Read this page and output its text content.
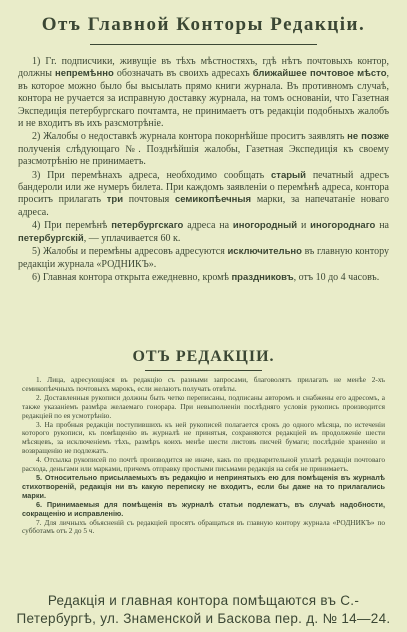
Отъ Главной Конторы Редакціи.

1) Гг. подписчики, живущіе въ тѣхъ мѣстностяхъ, гдѣ нѣтъ почтовыхъ контор, должны непремѣнно обозначать въ своихъ адресахъ ближайшее почтовое мѣсто, въ которое можно было бы высылать прямо книги журнала. Въ противномъ случаѣ, контора не ручается за исправную доставку журнала, на томъ основаніи, что Газетная Экспедиція петербургскаго почтамта, не принимаетъ отъ редакціи подобныхъ жалобъ и не входитъ въ ихъ разсмотрѣніе.

2) Жалобы о недоставкѣ журнала контора покорнѣйше проситъ заявлять не позже полученія слѣдующаго №. Позднѣйшія жалобы, Газетная Экспедиція къ своему разсмотрѣнію не принимаетъ.

3) При перемѣнахъ адреса, необходимо сообщать старый печатный адресъ бандероли или же нумеръ билета. При каждомъ заявленіи о перемѣнѣ адреса, контора проситъ прилагать три почтовыя семикопѣечныя марки, за напечатаніе новаго адреса.

4) При перемѣнѣ петербургскаго адреса на иногородный и иногороднаго на петербургскій, — уплачивается 60 к.

5) Жалобы и перемѣны адресовъ адресуются исключительно въ главную контору редакціи журнала «РОДНИКЪ».

6) Главная контора открыта ежедневно, кромѣ праздниковъ, отъ 10 до 4 часовъ.

ОТЪ РЕДАКЦІИ.

1. Лица, адресующіяся въ редакцію съ разными запросами, благоволятъ прилагать не менѣе 2-хъ семикопѣечныхъ почтовыхъ марокъ, если желаютъ получать отвѣты.

2. Доставленныя рукописи должны быть четко переписаны, подписаны авторомъ и снабжены его адресомъ, а также указаніемъ размѣра желаемаго гонорара. При невыполненіи послѣдняго условія рукопись производится редакціей по ея усмотрѣнію.

3. На пробныя редакціи поступившихъ къ ней рукописей полагается срокъ до одного мѣсяца, по истеченіи которого рукописи, къ помѣщенію въ журналѣ не принятыя, сохраняются редакціей въ продолженіе шести мѣсяцевъ, за исключеніемъ тѣхъ, размѣръ коихъ менѣе шести листовъ писчей бумаги; послѣдніе храненію и возвращенію не подлежатъ.

4. Отсылка рукописей по почтѣ производится не иначе, какъ по предварительной уплатѣ редакціи почтоваго расхода, деньгами или марками, причемъ отправку простыми письмами редакція на себя не принимаетъ.

5. Относительно присылаемыхъ въ редакцію и непринятыхъ ею для помѣщенія въ журналѣ стихотвореній, редакція ни въ какую переписку не входитъ, если бы даже на то прилагались марки.

6. Принимаемыя для помѣщенія въ журналѣ статьи подлежатъ, въ случаѣ надобности, сокращенію и исправленію.

7. Для личныхъ объясненій съ редакціей просятъ обращаться въ главную контору журнала «РОДНИКЪ» по субботамъ отъ 2 до 5 ч.

Редакція и главная контора помѣщаются въ С.-Петербургѣ, ул. Знаменской и Басковa пер. д. № 14—24.
